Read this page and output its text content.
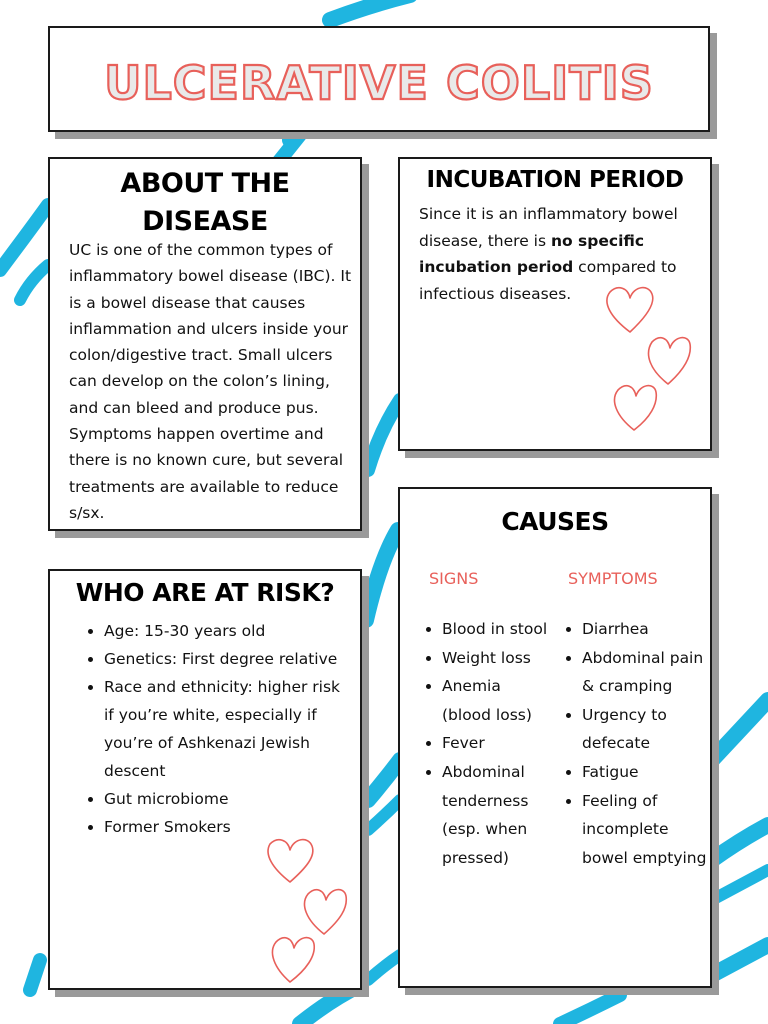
ULCERATIVE COLITIS
ABOUT THE
DISEASE
UC is one of the common types of inflammatory bowel disease (IBC). It is a bowel disease that causes inflammation and ulcers inside your colon/digestive tract. Small ulcers can develop on the colon’s lining, and can bleed and produce pus. Symptoms happen overtime and there is no known cure, but several treatments are available to reduce s/sx.
INCUBATION PERIOD
Since it is an inflammatory bowel disease, there is no specific incubation period compared to infectious diseases.
WHO ARE AT RISK?
• Age: 15-30 years old
• Genetics: First degree relative
• Race and ethnicity: higher risk if you’re white, especially if you’re of Ashkenazi Jewish descent
• Gut microbiome
• Former Smokers
CAUSES
SIGNS	SYMPTOMS
• Blood in stool
• Weight loss
• Anemia (blood loss)
• Fever
• Abdominal tenderness (esp. when pressed)
• Diarrhea
• Abdominal pain & cramping
• Urgency to defecate
• Fatigue
• Feeling of incomplete bowel emptying
